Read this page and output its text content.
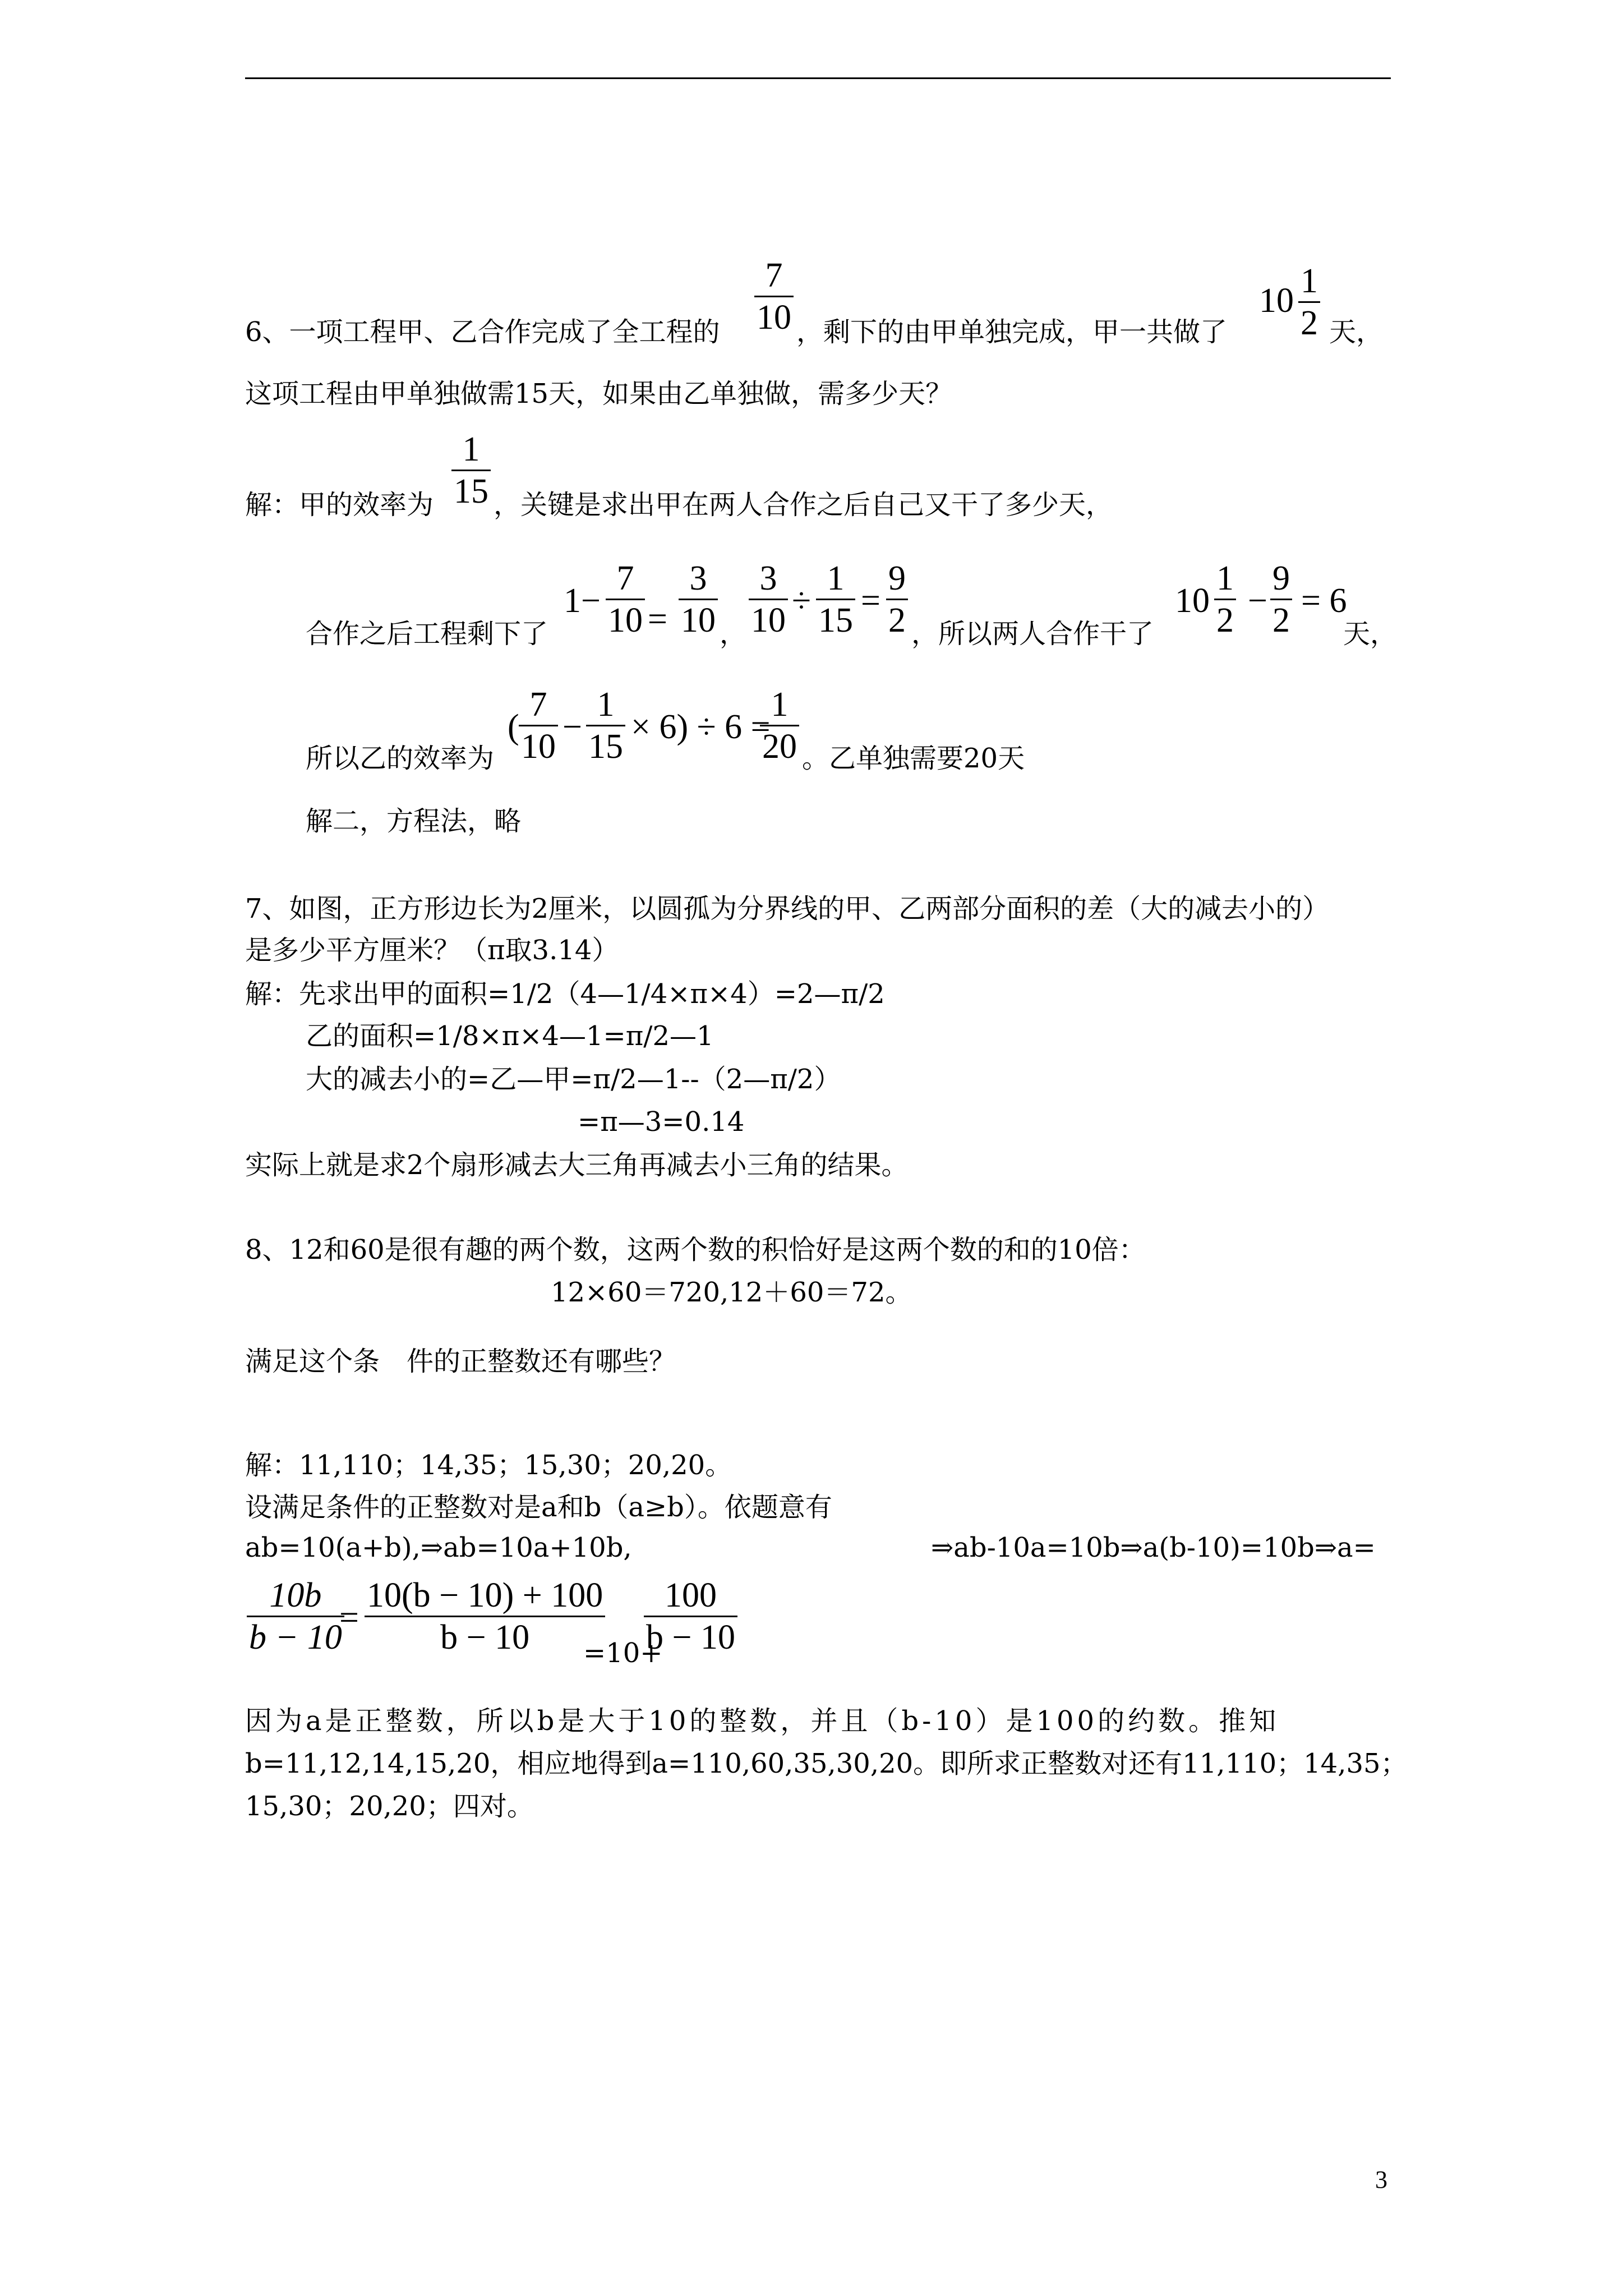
6、一项工程甲、乙合作完成了全工程的 $\frac{7}{10}$ ，剩下的由甲单独完成，甲一共做了
$10 \frac{1}{2}$ 天，
这项工程由甲单独做需15天，如果由乙单独做，需多少天？
解：甲的效率为 $\frac{1}{15}$ ，关键是求出甲在两人合作之后自己又干了多少天，
合作之后工程剩下了
$1- \frac{7}{10} = \frac{3}{10}$ ， $\frac{3}{10} \div \frac{1}{15} = \frac{9}{2}$ ，所以两人合作干了
$10 \frac{1}{2} - \frac{9}{2} = 6$
天，
所以乙的效率为
( $\frac{7}{10} - \frac{1}{15} \times 6) \div 6$ =
$\frac{1}{20}$ 。乙单独需要20天
解二，方程法，略
7、如图，正方形边长为2厘米，以圆孤为分界线的甲、乙两部分面积的差（大的减去小的）
是多少平方厘米？（π取3.14）
解：先求出甲的面积=1/2（4—1/4×π×4）=2—π/2
乙的面积=1/8×π×4—1=π/2—1
大的减去小的=乙—甲=π/2—1--（2—π/2）
=π—3=0.14
实际上就是求2个扇形减去大三角再减去小三角的结果。
8、12和60是很有趣的两个数，这两个数的积恰好是这两个数的和的10倍：
12×60＝720,12＋60＝72。
满足这个条　件的正整数还有哪些？
解：11,110；14,35；15,30；20,20。
设满足条件的正整数对是a和b（a≥b）。依题意有
ab=10(a+b),⇒ab=10a+10b,	⇒ab-10a=10b⇒a(b-10)=10b⇒a=
$\frac{10b}{b - 10}$
= $\frac{10(b - 10) + 100}{b - 10}$
=10+
$\frac{100}{b - 10}$
因为a是正整数，所以b是大于10的整数，并且（b-10）是100的约数。推知
b=11,12,14,15,20，相应地得到a=110,60,35,30,20。即所求正整数对还有11,110；14,35；
15,30；20,20；四对。
3
